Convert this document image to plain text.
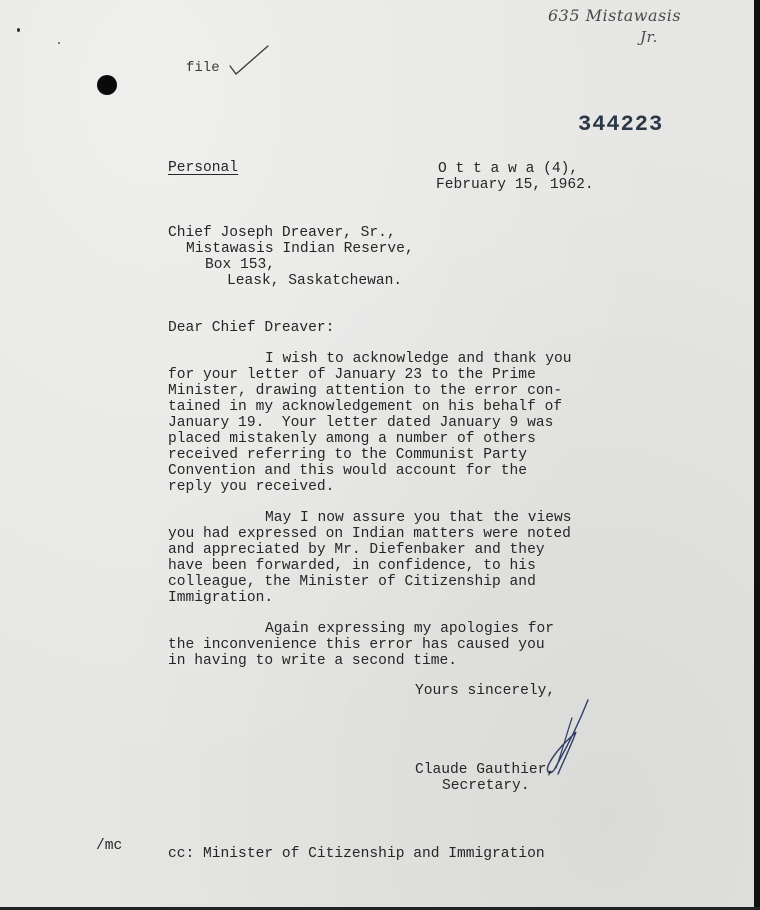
635 Mistawasis
Jr.
file
344223
Personal	O t t a w a (4),
February 15, 1962.
Chief Joseph Dreaver, Sr.,
Mistawasis Indian Reserve,
Box 153,
Leask, Saskatchewan.
Dear Chief Dreaver:
I wish to acknowledge and thank you
for your letter of January 23 to the Prime
Minister, drawing attention to the error con-
tained in my acknowledgement on his behalf of
January 19.  Your letter dated January 9 was
placed mistakenly among a number of others
received referring to the Communist Party
Convention and this would account for the
reply you received.
May I now assure you that the views
you had expressed on Indian matters were noted
and appreciated by Mr. Diefenbaker and they
have been forwarded, in confidence, to his
colleague, the Minister of Citizenship and
Immigration.
Again expressing my apologies for
the inconvenience this error has caused you
in having to write a second time.
Yours sincerely,
Claude Gauthier,
Secretary.
/mc	cc: Minister of Citizenship and Immigration
